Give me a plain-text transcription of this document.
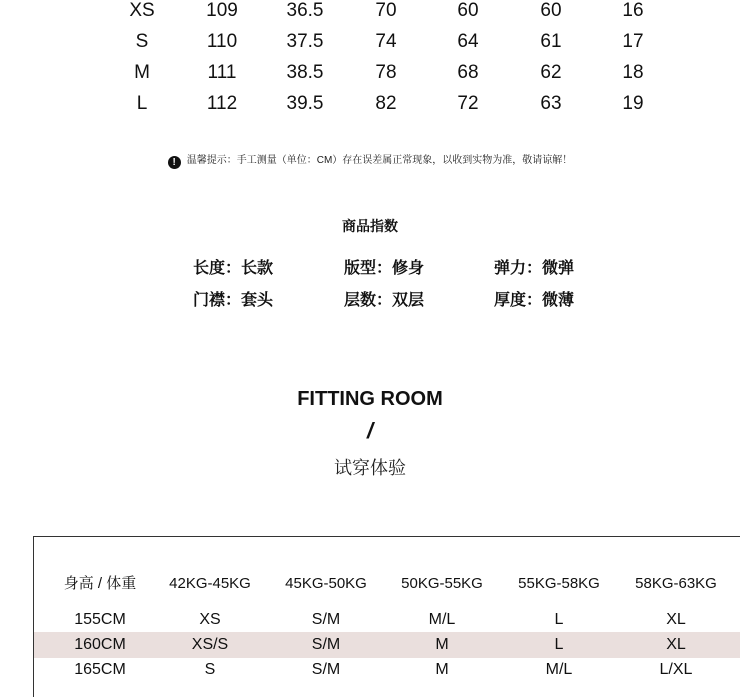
XS	109	36.5	70	60	60	16
S	110	37.5	74	64	61	17
M	111	38.5	78	68	62	18
L	112	39.5	82	72	63	19
! 温馨提示：手工测量（单位：CM）存在误差属正常现象，以收到实物为准，敬请谅解！
商品指数
长度：长款	版型：修身	弹力：微弹
门襟：套头	层数：双层	厚度：微薄
FITTING ROOM
/
试穿体验
身高 / 体重	42KG-45KG	45KG-50KG	50KG-55KG	55KG-58KG	58KG-63KG
155CM	XS	S/M	M/L	L	XL
160CM	XS/S	S/M	M	L	XL
165CM	S	S/M	M	M/L	L/XL
